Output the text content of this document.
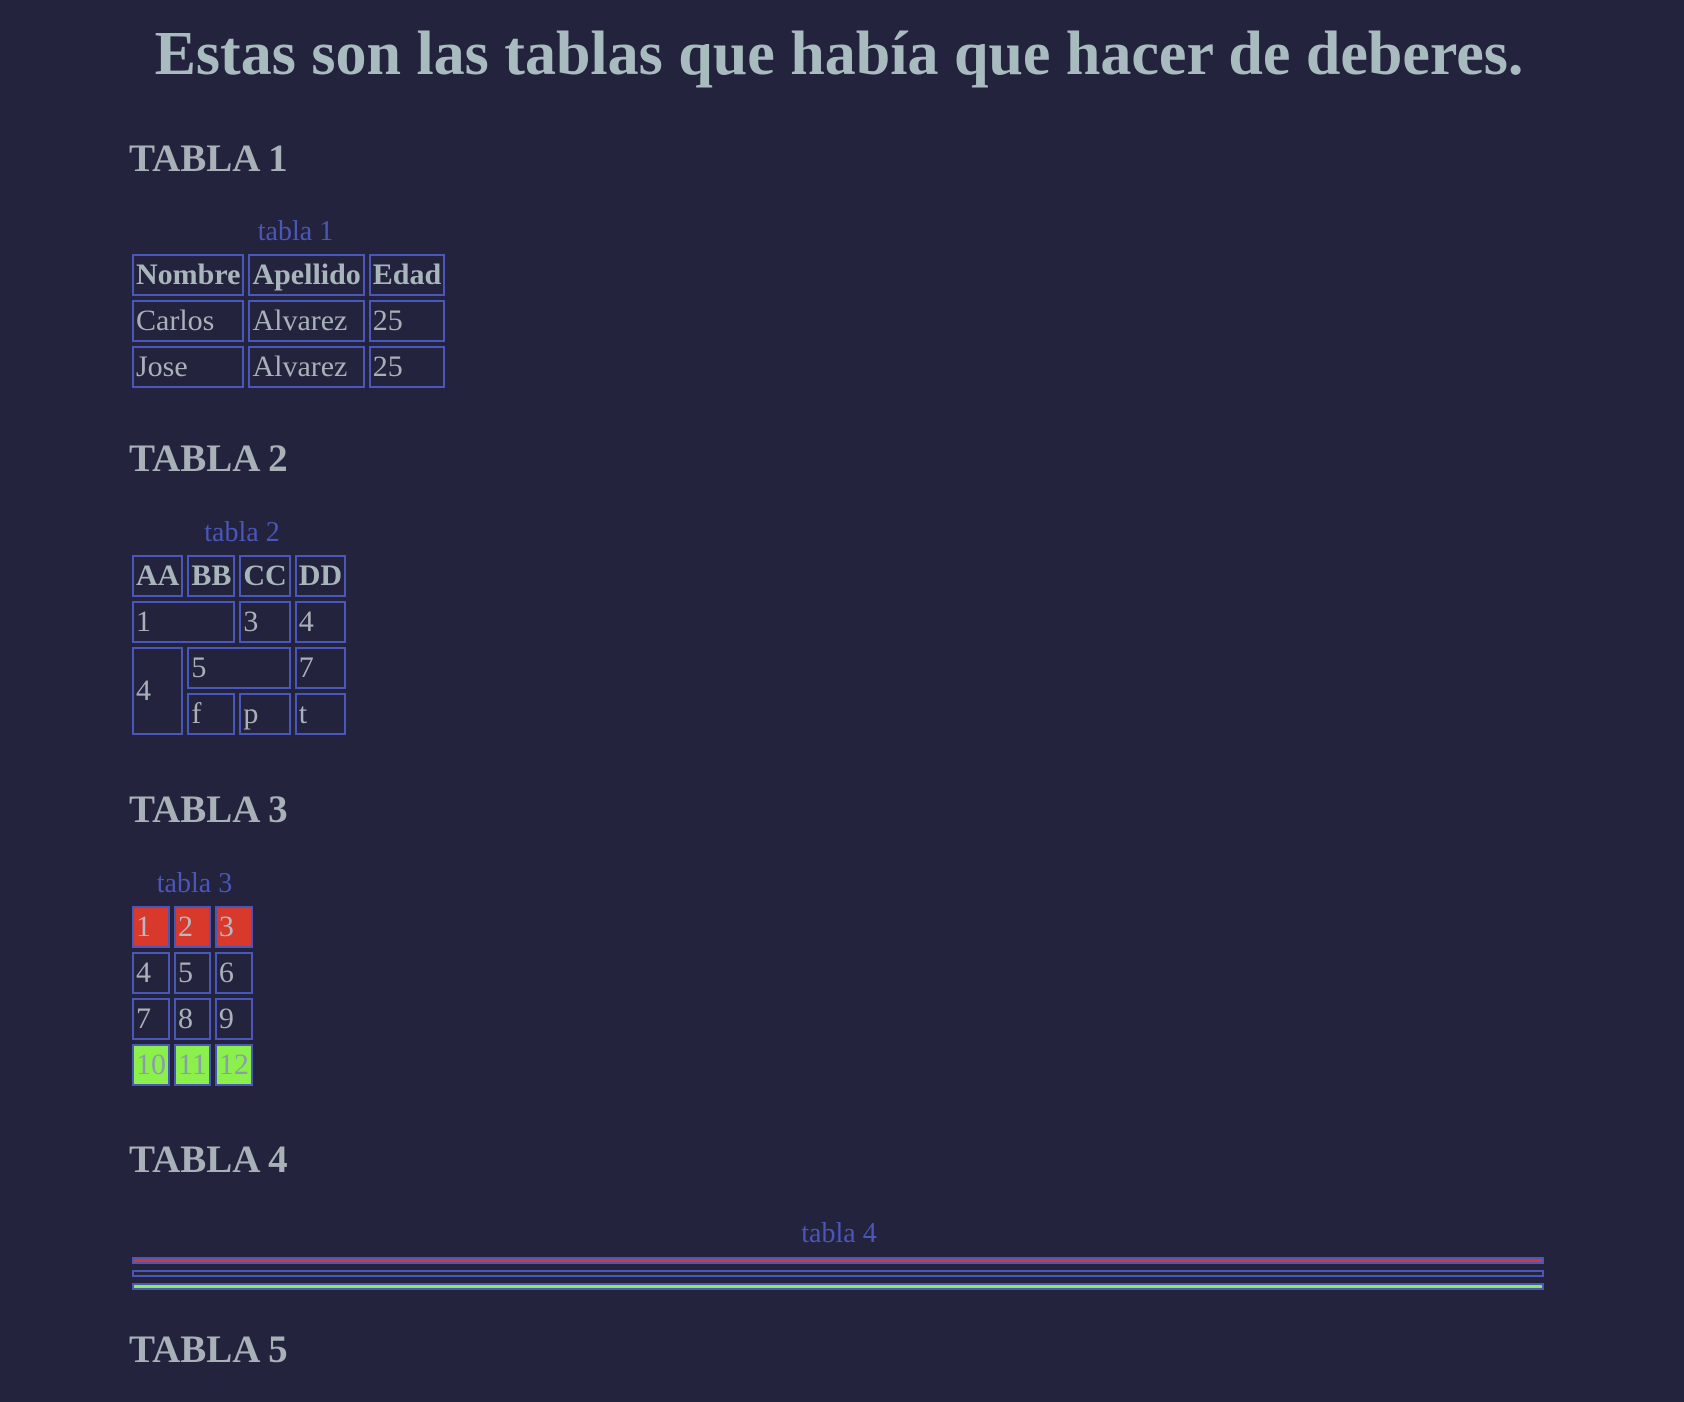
Estas son las tablas que había que hacer de deberes.
TABLA 1
tabla 1
Nombre	Apellido	Edad
Carlos	Alvarez	25
Jose	Alvarez	25
TABLA 2
tabla 2
AA	BB	CC	DD
1		3	4
4	5		7
	f	p	t
TABLA 3
tabla 3
1	2	3
4	5	6
7	8	9
10	11	12
TABLA 4
tabla 4
TABLA 5
